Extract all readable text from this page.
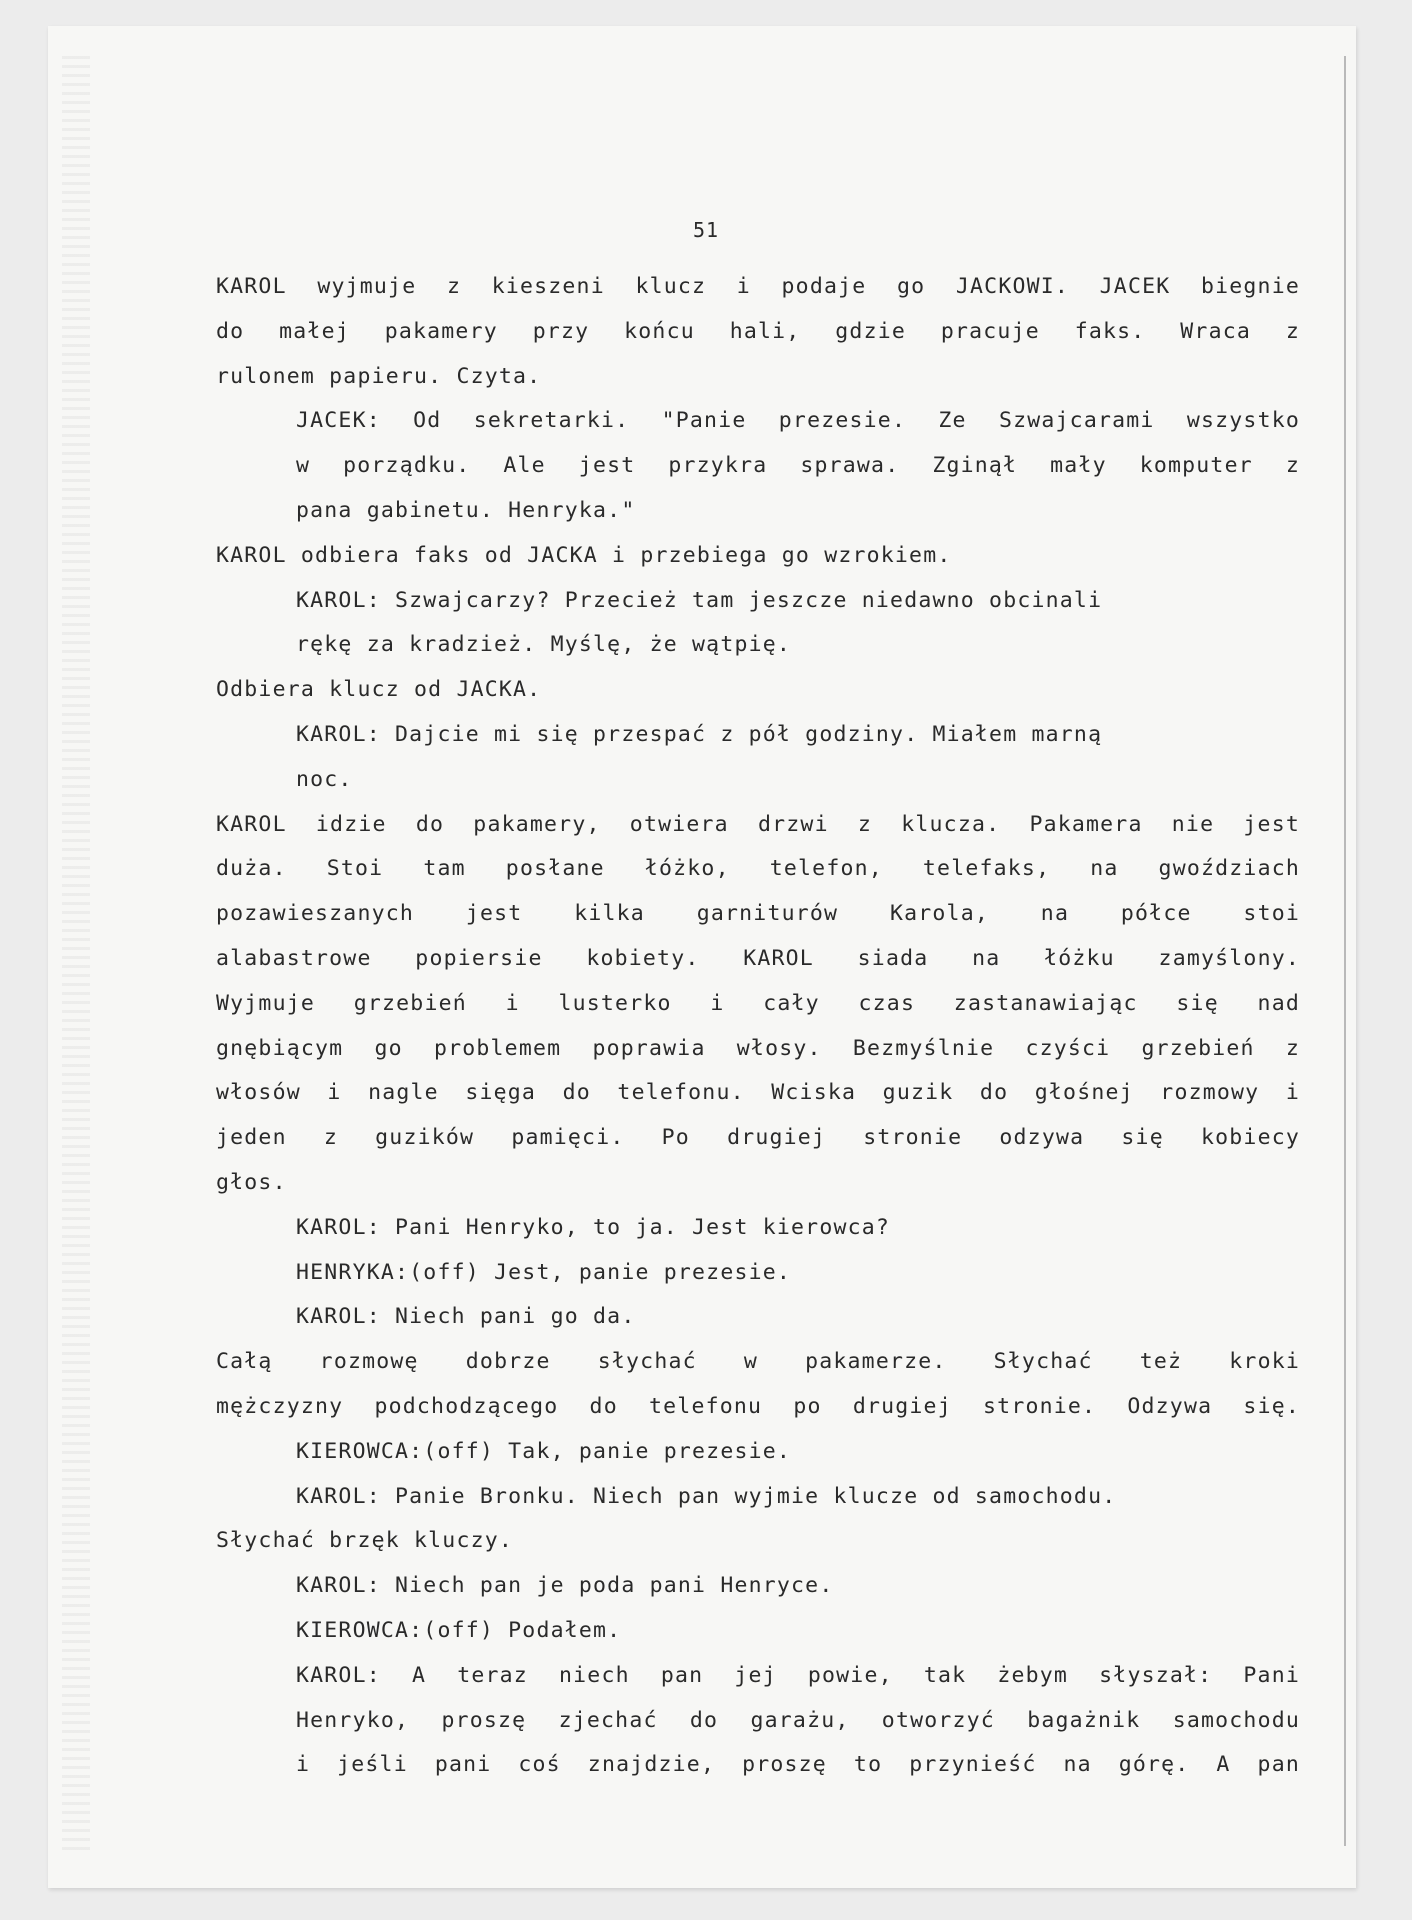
51
KAROL wyjmuje z kieszeni klucz i podaje go JACKOWI. JACEK biegnie
do małej pakamery przy końcu hali, gdzie pracuje faks. Wraca z
rulonem papieru. Czyta.
JACEK: Od sekretarki. "Panie prezesie. Ze Szwajcarami wszystko
w porządku. Ale jest przykra sprawa. Zginął mały komputer z
pana gabinetu. Henryka."
KAROL odbiera faks od JACKA i przebiega go wzrokiem.
KAROL: Szwajcarzy? Przecież tam jeszcze niedawno obcinali
rękę za kradzież. Myślę, że wątpię.
Odbiera klucz od JACKA.
KAROL: Dajcie mi się przespać z pół godziny. Miałem marną
noc.
KAROL idzie do pakamery, otwiera drzwi z klucza. Pakamera nie jest
duża. Stoi tam posłane łóżko, telefon, telefaks, na gwoździach
pozawieszanych jest kilka garniturów Karola, na półce stoi
alabastrowe popiersie kobiety. KAROL siada na łóżku zamyślony.
Wyjmuje grzebień i lusterko i cały czas zastanawiając się nad
gnębiącym go problemem poprawia włosy. Bezmyślnie czyści grzebień z
włosów i nagle sięga do telefonu. Wciska guzik do głośnej rozmowy i
jeden z guzików pamięci. Po drugiej stronie odzywa się kobiecy
głos.
KAROL: Pani Henryko, to ja. Jest kierowca?
HENRYKA:(off) Jest, panie prezesie.
KAROL: Niech pani go da.
Całą rozmowę dobrze słychać w pakamerze. Słychać też kroki
mężczyzny podchodzącego do telefonu po drugiej stronie. Odzywa się.
KIEROWCA:(off) Tak, panie prezesie.
KAROL: Panie Bronku. Niech pan wyjmie klucze od samochodu.
Słychać brzęk kluczy.
KAROL: Niech pan je poda pani Henryce.
KIEROWCA:(off) Podałem.
KAROL: A teraz niech pan jej powie, tak żebym słyszał: Pani
Henryko, proszę zjechać do garażu, otworzyć bagażnik samochodu
i jeśli pani coś znajdzie, proszę to przynieść na górę. A pan
